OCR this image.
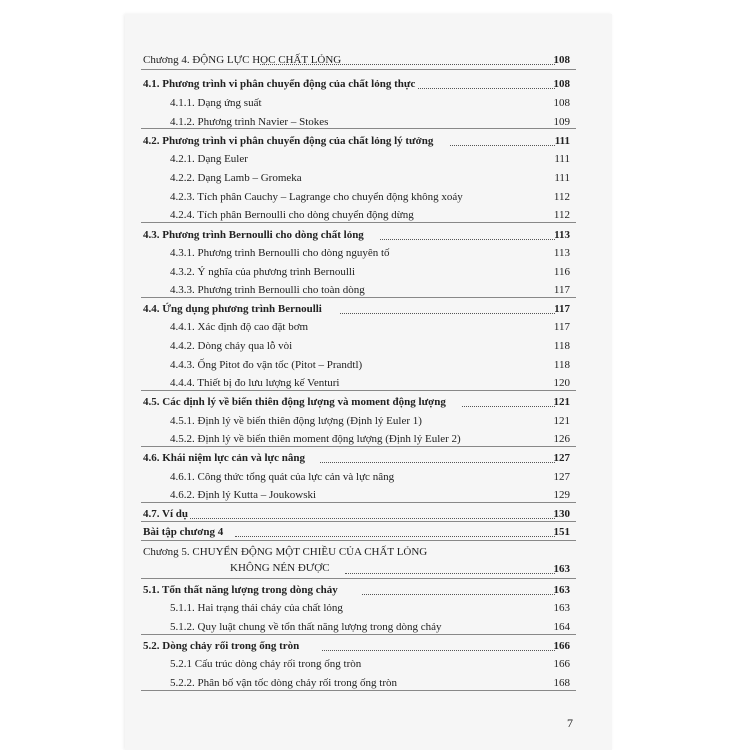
Chương 4. ĐỘNG LỰC HỌC CHẤT LỎNG	108
4.1. Phương trình vi phân chuyển động của chất lỏng thực	108
4.1.1. Dạng ứng suất	108
4.1.2. Phương trình Navier – Stokes	109
4.2. Phương trình vi phân chuyển động của chất lỏng lý tưởng	111
4.2.1. Dạng Euler	111
4.2.2. Dạng Lamb – Gromeka	111
4.2.3. Tích phân Cauchy – Lagrange cho chuyển động không xoáy	112
4.2.4. Tích phân Bernoulli cho dòng chuyển động dừng	112
4.3. Phương trình Bernoulli cho dòng chất lỏng	113
4.3.1. Phương trình Bernoulli cho dòng nguyên tố	113
4.3.2. Ý nghĩa của phương trình Bernoulli	116
4.3.3. Phương trình Bernoulli cho toàn dòng	117
4.4. Ứng dụng phương trình Bernoulli	117
4.4.1. Xác định độ cao đặt bơm	117
4.4.2. Dòng chảy qua lỗ vòi	118
4.4.3. Ống Pitot đo vận tốc (Pitot – Prandtl)	118
4.4.4. Thiết bị đo lưu lượng kế Venturi	120
4.5. Các định lý về biến thiên động lượng và moment động lượng	121
4.5.1. Định lý về biến thiên động lượng (Định lý Euler 1)	121
4.5.2. Định lý về biến thiên moment động lượng (Định lý Euler 2)	126
4.6. Khái niệm lực cản và lực nâng	127
4.6.1. Công thức tổng quát của lực cản và lực nâng	127
4.6.2. Định lý Kutta – Joukowski	129
4.7. Ví dụ	130
Bài tập chương 4	151
Chương 5. CHUYỂN ĐỘNG MỘT CHIỀU CỦA CHẤT LỎNG
KHÔNG NÉN ĐƯỢC	163
5.1. Tổn thất năng lượng trong dòng chảy	163
5.1.1. Hai trạng thái chảy của chất lỏng	163
5.1.2. Quy luật chung về tổn thất năng lượng trong dòng chảy	164
5.2. Dòng chảy rối trong ống tròn	166
5.2.1 Cấu trúc dòng chảy rối trong ống tròn	166
5.2.2. Phân bố vận tốc dòng chảy rối trong ống tròn	168
7
